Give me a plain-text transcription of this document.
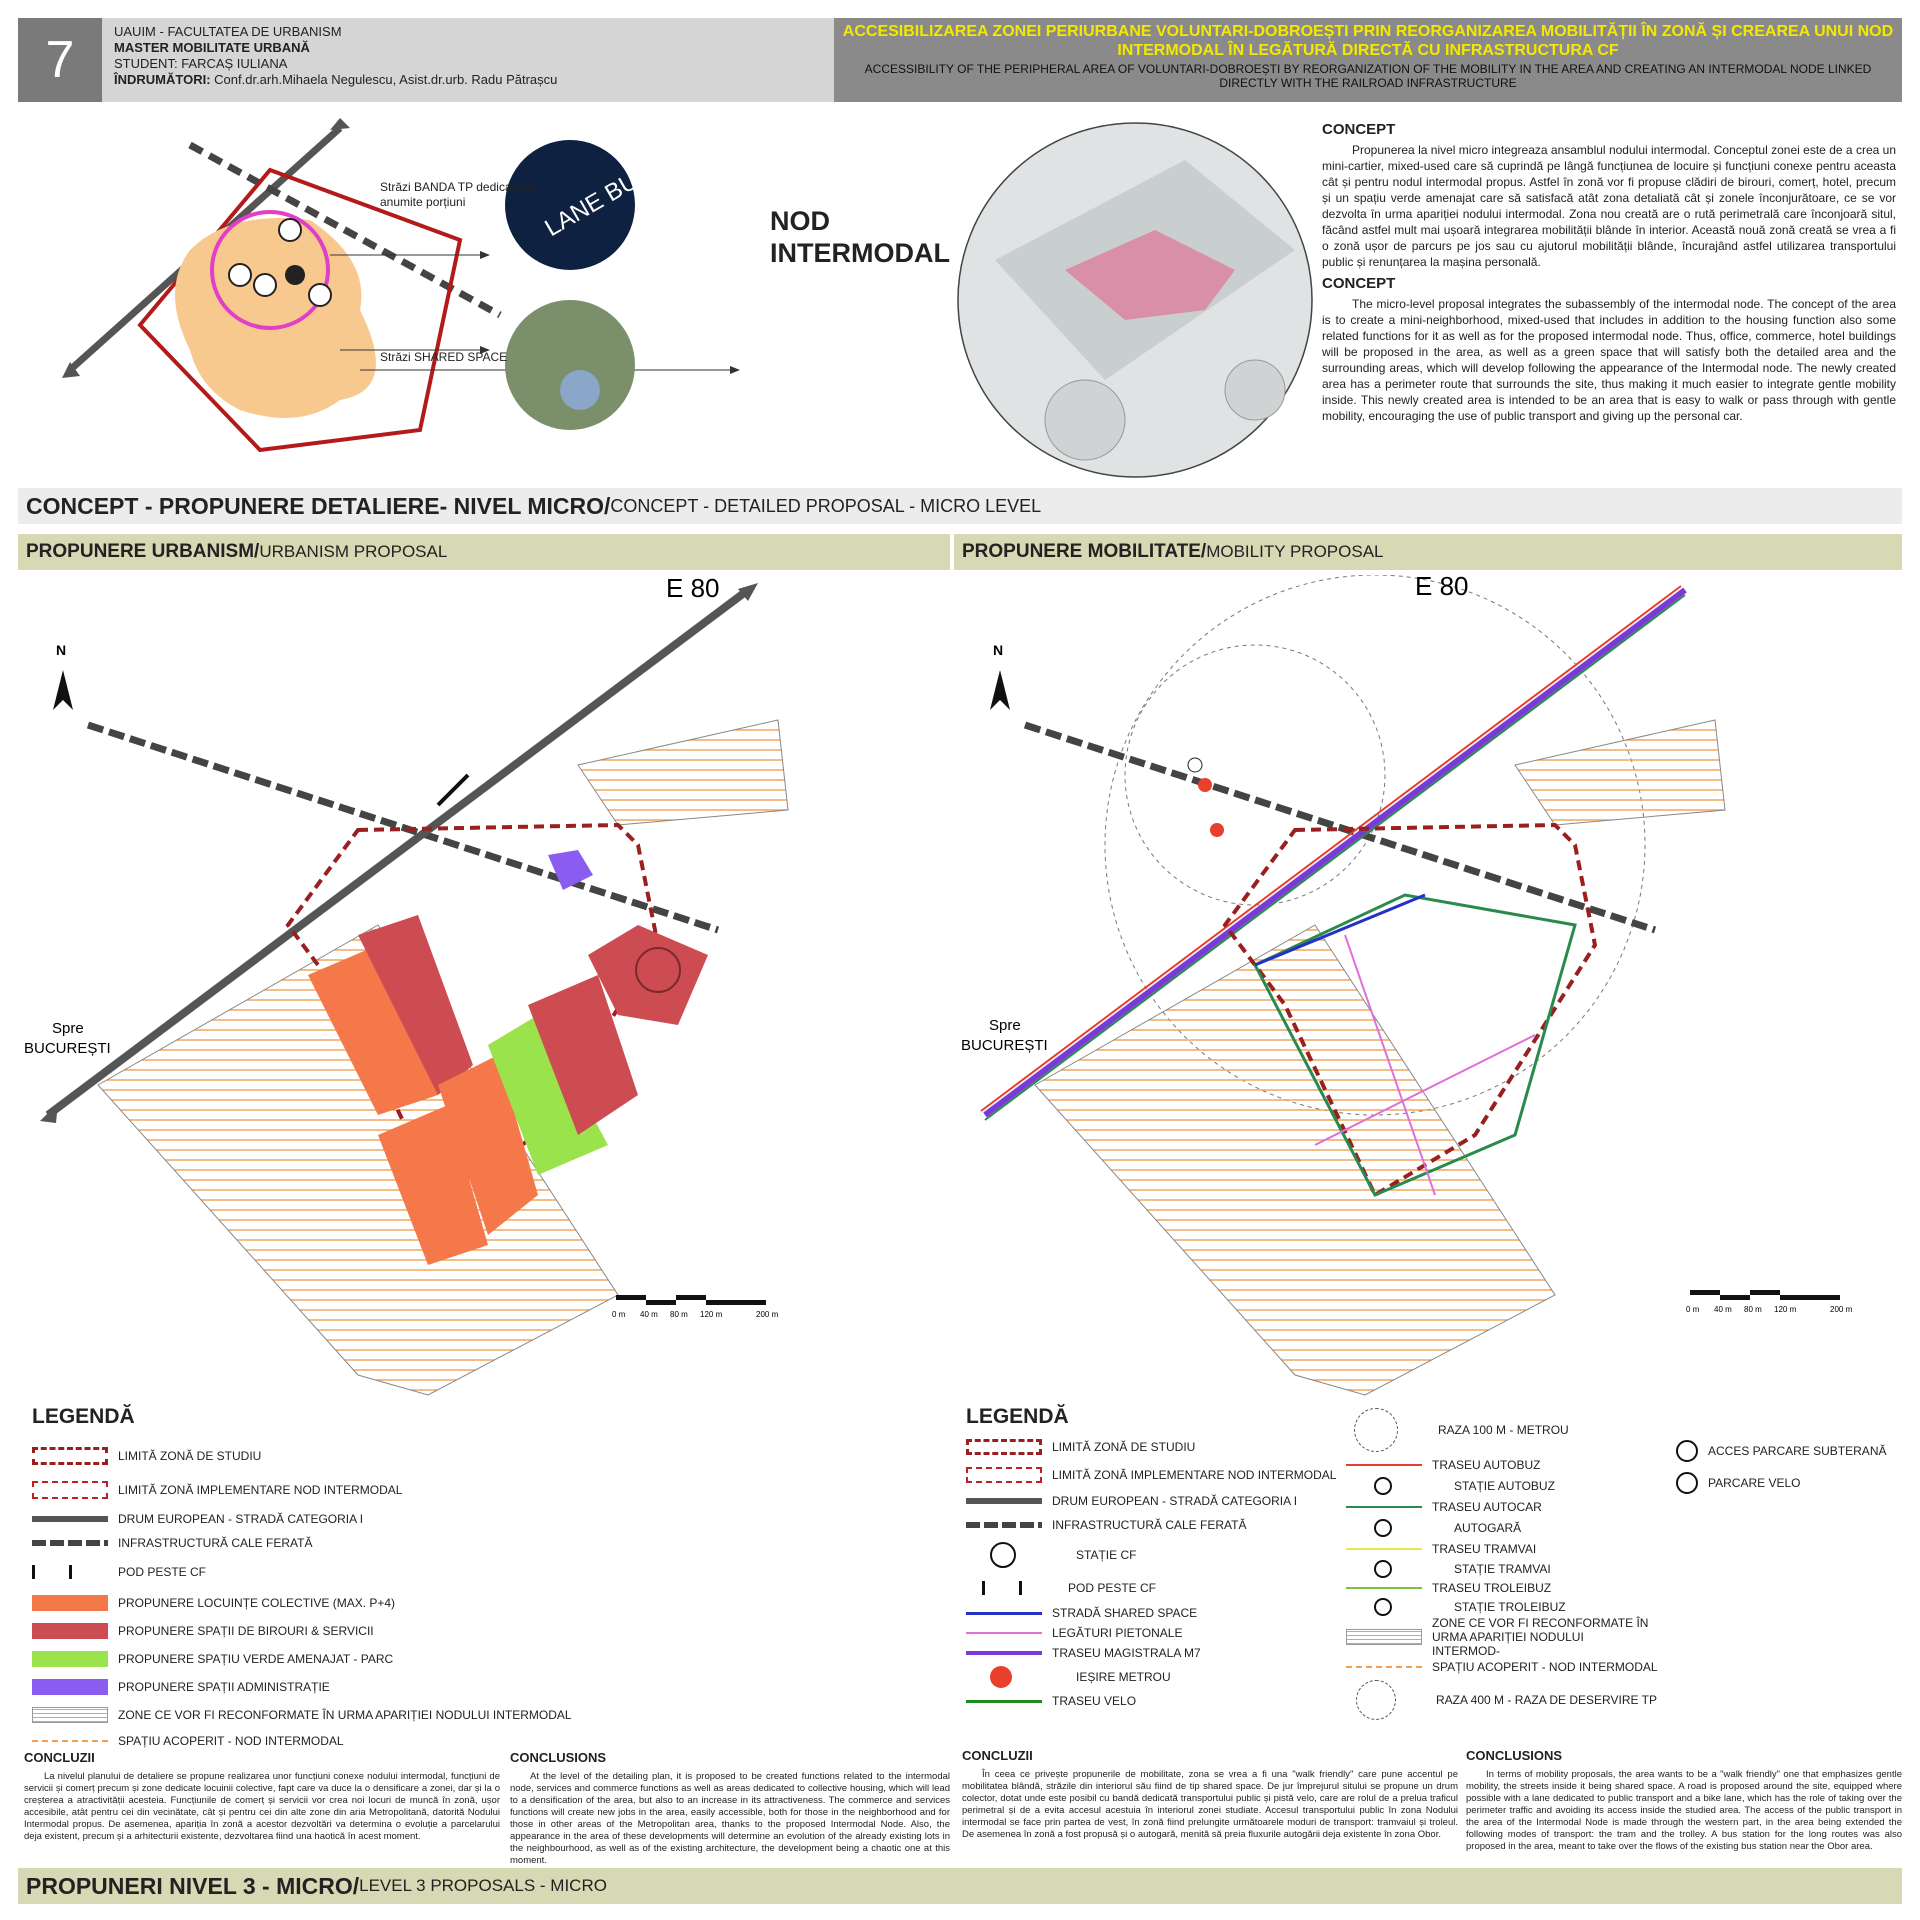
7	UAUIM - FACULTATEA DE URBANISM
MASTER MOBILITATE URBANĂ
STUDENT: FARCAȘ IULIANA
ÎNDRUMĂTORI: Conf.dr.arh.Mihaela Negulescu, Asist.dr.urb. Radu Pătrașcu
ACCESIBILIZAREA ZONEI PERIURBANE VOLUNTARI-DOBROEȘTI PRIN REORGANIZAREA MOBILITĂȚII ÎN ZONĂ ȘI CREAREA UNUI NOD INTERMODAL ÎN LEGĂTURĂ DIRECTĂ CU INFRASTRUCTURA CF
ACCESSIBILITY OF THE PERIPHERAL AREA OF VOLUNTARI-DOBROEȘTI BY REORGANIZATION OF THE MOBILITY IN THE AREA AND CREATING AN INTERMODAL NODE LINKED DIRECTLY WITH THE RAILROAD INFRASTRUCTURE
LANE BUS
Străzi BANDA TP dedicată pe anumite porțiuni
Străzi SHARED SPACE
NOD
INTERMODAL
CONCEPT

Propunerea la nivel micro integreaza ansamblul nodului intermodal. Conceptul zonei este de a crea un mini-cartier, mixed-used care să cuprindă pe lângă funcțiunea de locuire și funcțiuni conexe pentru aceasta cât și pentru nodul intermodal propus. Astfel în zonă vor fi propuse clădiri de birouri, comerț, hotel, precum și un spațiu verde amenajat care să satisfacă atât zona detaliată cât și zonele înconjurătoare, ce se vor dezvolta în urma apariției nodului intermodal. Zona nou creată are o rută perimetrală care înconjoară situl, făcând astfel mult mai ușoară integrarea mobilității blânde în interior. Această nouă zonă creată se vrea a fi o zonă ușor de parcurs pe jos sau cu ajutorul mobilității blânde, încurajând astfel utilizarea transportului public și renunțarea la mașina personală.

CONCEPT

The micro-level proposal integrates the subassembly of the intermodal node. The concept of the area is to create a mini-neighborhood, mixed-used that includes in addition to the housing function also some related functions for it as well as for the proposed intermodal node. Thus, office, commerce, hotel buildings will be proposed in the area, as well as a green space that will satisfy both the detailed area and the surrounding areas, which will develop following the appearance of the Intermodal node. The newly created area has a perimeter route that surrounds the site, thus making it much easier to integrate gentle mobility inside. This newly created area is intended to be an area that is easy to walk or pass through with gentle mobility, encouraging the use of public transport and giving up the personal car.

CONCEPT - PROPUNERE DETALIERE- NIVEL MICRO/ CONCEPT - DETAILED PROPOSAL - MICRO LEVEL
PROPUNERE URBANISM/ URBANISM PROPOSAL	PROPUNERE MOBILITATE/ MOBILITY PROPOSAL
N
E 80
Spre
BUCUREȘTI
0 m 40 m 80 m 120 m	200 m
N
E 80
Spre
BUCUREȘTI
0 m 40 m 80 m 120 m	200 m
LEGENDĂ
LIMITĂ ZONĂ DE STUDIU
LIMITĂ ZONĂ IMPLEMENTARE NOD INTERMODAL
DRUM EUROPEAN - STRADĂ CATEGORIA I
INFRASTRUCTURĂ CALE FERATĂ
POD PESTE CF
PROPUNERE LOCUINȚE COLECTIVE (MAX. P+4)
PROPUNERE SPAȚII DE BIROURI & SERVICII
PROPUNERE SPAȚIU VERDE AMENAJAT - PARC
PROPUNERE SPAȚII ADMINISTRAȚIE
ZONE CE VOR FI RECONFORMATE ÎN URMA APARIȚIEI NODULUI INTERMODAL
SPAȚIU ACOPERIT - NOD INTERMODAL
LEGENDĂ
LIMITĂ ZONĂ DE STUDIU
LIMITĂ ZONĂ IMPLEMENTARE NOD INTERMODAL
DRUM EUROPEAN - STRADĂ CATEGORIA I
INFRASTRUCTURĂ CALE FERATĂ
STAȚIE CF
POD PESTE CF
STRADĂ SHARED SPACE
LEGĂTURI PIETONALE
TRASEU MAGISTRALA M7
IEȘIRE METROU
TRASEU VELO
RAZA 100 M - METROU
TRASEU AUTOBUZ
STAȚIE AUTOBUZ
TRASEU AUTOCAR
AUTOGARĂ
TRASEU TRAMVAI
STAȚIE TRAMVAI
TRASEU TROLEIBUZ
STAȚIE TROLEIBUZ
ZONE CE VOR FI RECONFORMATE ÎN URMA APARIȚIEI NODULUI INTERMOD-
SPAȚIU ACOPERIT - NOD INTERMODAL
RAZA 400 M - RAZA DE DESERVIRE TP
ACCES PARCARE SUBTERANĂ
PARCARE VELO
CONCLUZII

La nivelul planului de detaliere se propune realizarea unor funcțiuni conexe nodului intermodal, funcțiuni de servicii și comerț precum și zone dedicate locuinii colective, fapt care va duce la o densificare a zonei, dar și la o creșterea a atractivității acesteia. Funcțiunile de comerț și servicii vor crea noi locuri de muncă în zonă, ușor accesibile, atât pentru cei din vecinătate, cât și pentru cei din alte zone din aria Metropolitană, datorită Nodului Intermodal propus. De asemenea, apariția în zonă a acestor dezvoltări va determina o evoluție a parcelarului deja existent, precum și a arhitecturii existente, dezvoltarea fiind una haotică în acest moment.

CONCLUSIONS

At the level of the detailing plan, it is proposed to be created functions related to the intermodal node, services and commerce functions as well as areas dedicated to collective housing, which will lead to a densification of the area, but also to an increase in its attractiveness. The commerce and services functions will create new jobs in the area, easily accessible, both for those in the neighborhood and for those in other areas of the Metropolitan area, thanks to the proposed Intermodal Node. Also, the appearance in the area of these developments will determine an evolution of the already existing lots in the neighbourhood, as well as of the existing architecture, the development being a chaotic one at this moment.

CONCLUZII

În ceea ce privește propunerile de mobilitate, zona se vrea a fi una "walk friendly" care pune accentul pe mobilitatea blândă, străzile din interiorul său fiind de tip shared space. De jur împrejurul sitului se propune un drum colector, dotat unde este posibil cu bandă dedicată transportului public și pistă velo, care are rolul de a prelua traficul perimetral și de a evita accesul acestuia în interiorul zonei studiate. Accesul transportului public în zona Nodului intermodal se face prin partea de vest, în zonă fiind prelungite următoarele moduri de transport: tramvaiul și troleul. De asemenea în zonă a fost propusă și o autogară, menită să preia fluxurile autogării deja existente în zona Obor.

CONCLUSIONS

In terms of mobility proposals, the area wants to be a "walk friendly" one that emphasizes gentle mobility, the streets inside it being shared space. A road is proposed around the site, equipped where possible with a lane dedicated to public transport and a bike lane, which has the role of taking over the perimeter traffic and avoiding its access inside the studied area. The access of the public transport in the area of the Intermodal Node is made through the western part, in the area being extended the following modes of transport: the tram and the trolley. A bus station for the long routes was also proposed in the area, meant to take over the flows of the existing bus station near the Obor area.

PROPUNERI NIVEL 3 - MICRO/ LEVEL 3 PROPOSALS - MICRO
